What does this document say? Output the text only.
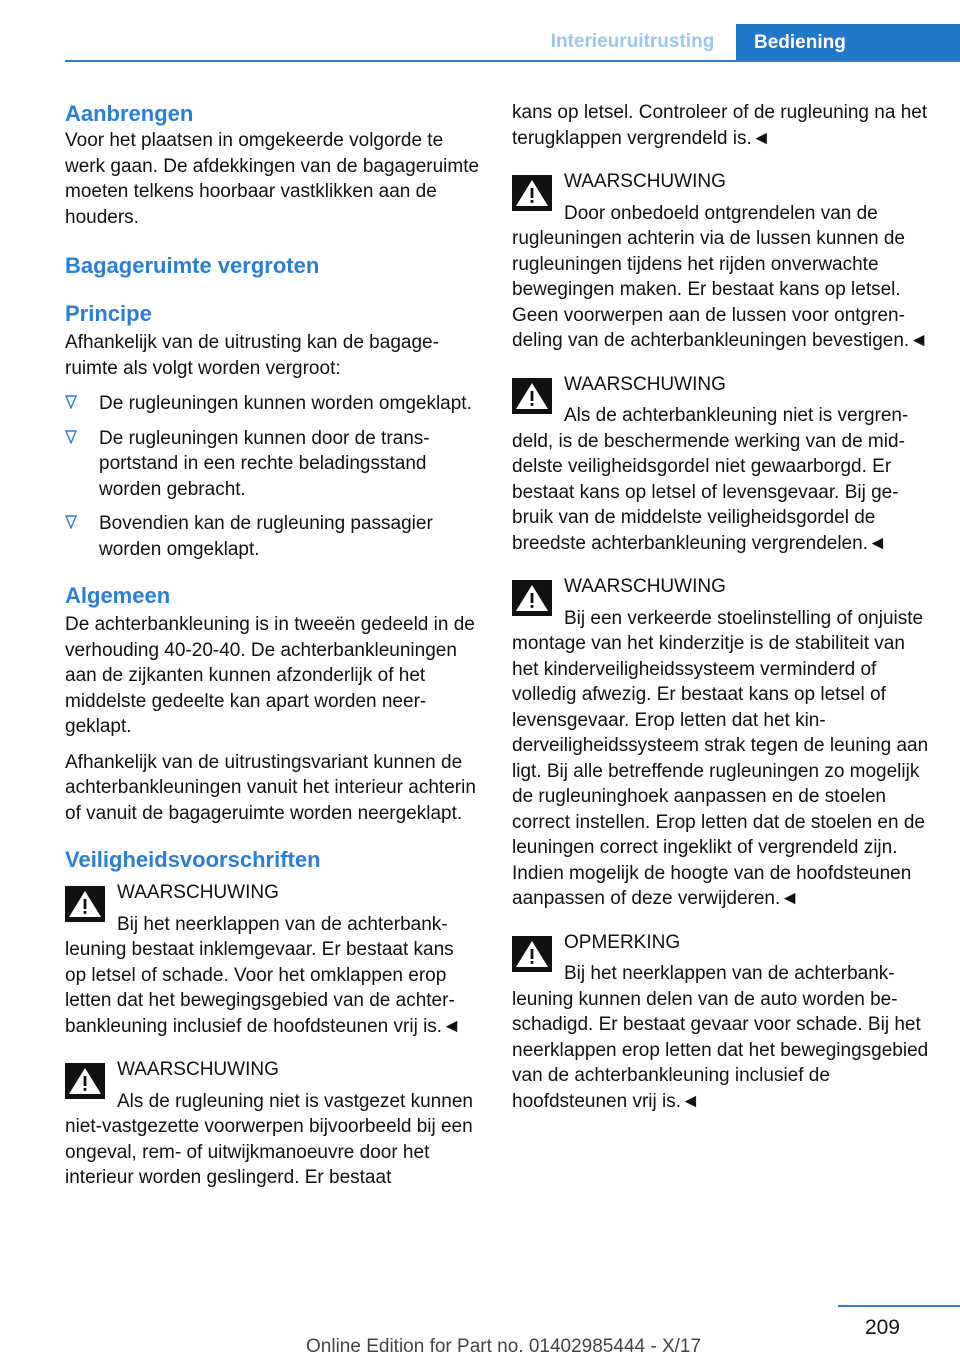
Interieuruitrusting	Bediening
Aanbrengen

Voor het plaatsen in omgekeerde volgorde te werk gaan. De afdekkingen van de bagageruimte moeten telkens hoorbaar vastklikken aan de houders.

Bagageruimte vergroten
Principe

Afhankelijk van de uitrusting kan de bagageruimte als volgt worden vergroot:

De rugleuningen kunnen worden omgeklapt.
De rugleuningen kunnen door de transportstand in een rechte beladingsstand worden gebracht.
Bovendien kan de rugleuning passagier worden omgeklapt.
Algemeen

De achterbankleuning is in tweeën gedeeld in de verhouding 40-20-40. De achterbankleuningen aan de zijkanten kunnen afzonderlijk of het middelste gedeelte kan apart worden neergeklapt.

Afhankelijk van de uitrustingsvariant kunnen de achterbankleuningen vanuit het interieur achterin of vanuit de bagageruimte worden neergeklapt.

Veiligheidsvoorschriften
WAARSCHUWING
Bij het neerklappen van de achterbankleuning bestaat inklemgevaar. Er bestaat kans op letsel of schade. Voor het omklappen erop letten dat het bewegingsgebied van de achterbankleuning inclusief de hoofdsteunen vrij is.◄
WAARSCHUWING
Als de rugleuning niet is vastgezet kunnen niet-vastgezette voorwerpen bijvoorbeeld bij een ongeval, rem- of uitwijkmanoeuvre door het interieur worden geslingerd. Er bestaat

kans op letsel. Controleer of de rugleuning na het terugklappen vergrendeld is.◄

WAARSCHUWING
Door onbedoeld ontgrendelen van de rugleuningen achterin via de lussen kunnen de rugleuningen tijdens het rijden onverwachte bewegingen maken. Er bestaat kans op letsel. Geen voorwerpen aan de lussen voor ontgrendeling van de achterbankleuningen bevestigen.◄
WAARSCHUWING
Als de achterbankleuning niet is vergrendeld, is de beschermende werking van de middelste veiligheidsgordel niet gewaarborgd. Er bestaat kans op letsel of levensgevaar. Bij gebruik van de middelste veiligheidsgordel de breedste achterbankleuning vergrendelen.◄
WAARSCHUWING
Bij een verkeerde stoelinstelling of onjuiste montage van het kinderzitje is de stabiliteit van het kinderveiligheidssysteem verminderd of volledig afwezig. Er bestaat kans op letsel of levensgevaar. Erop letten dat het kinderveiligheidssysteem strak tegen de leuning aan ligt. Bij alle betreffende rugleuningen zo mogelijk de rugleuninghoek aanpassen en de stoelen correct instellen. Erop letten dat de stoelen en de leuningen correct ingeklikt of vergrendeld zijn. Indien mogelijk de hoogte van de hoofdsteunen aanpassen of deze verwijderen.◄
OPMERKING
Bij het neerklappen van de achterbankleuning kunnen delen van de auto worden beschadigd. Er bestaat gevaar voor schade. Bij het neerklappen erop letten dat het bewegingsgebied van de achterbankleuning inclusief de hoofdsteunen vrij is.◄
209
Online Edition for Part no. 01402985444 - X/17
